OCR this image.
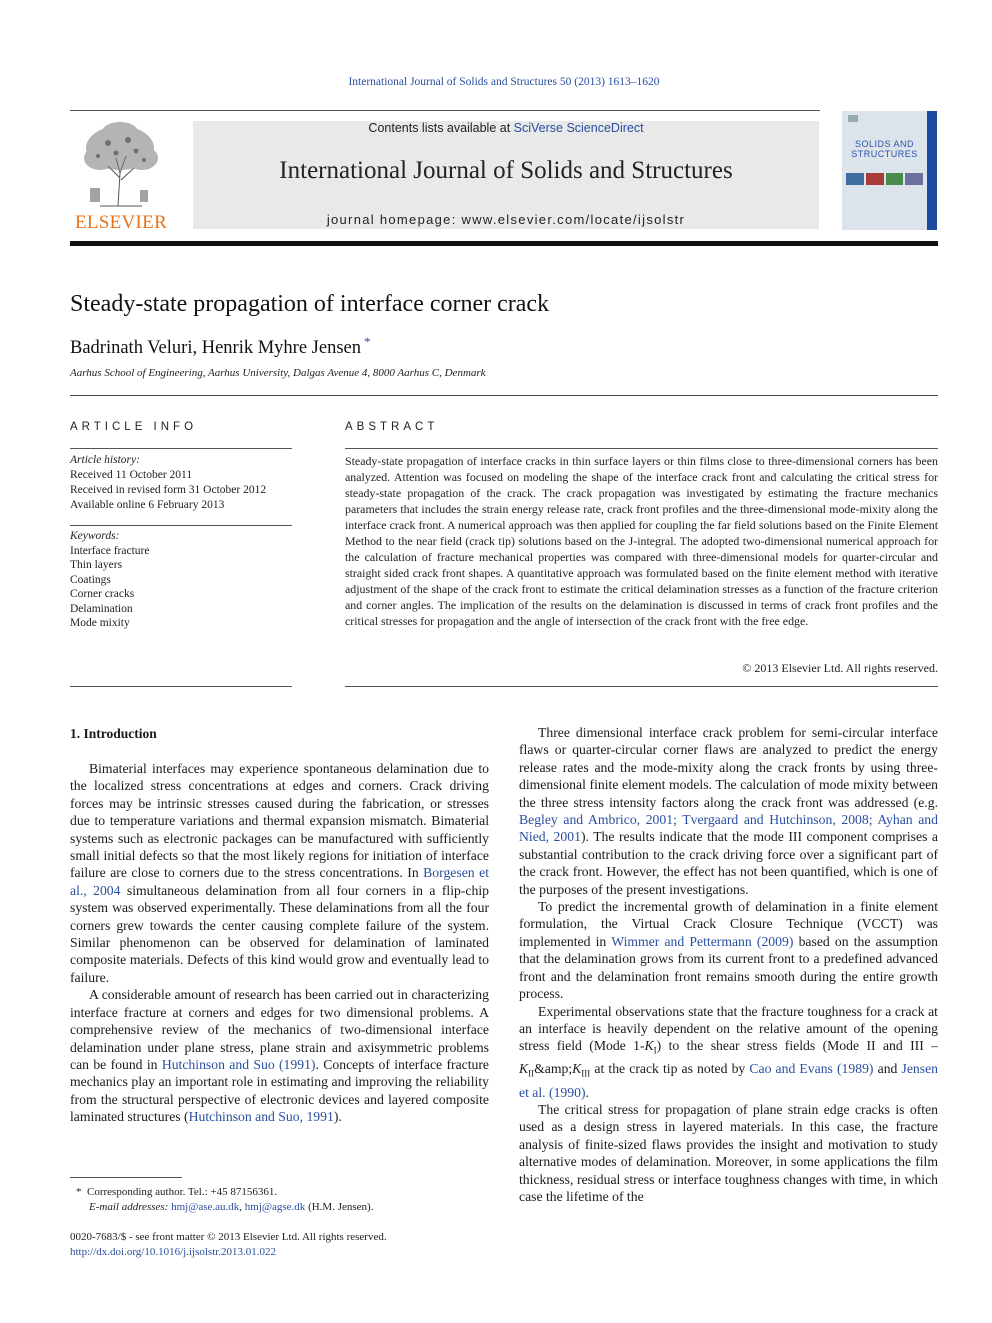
International Journal of Solids and Structures 50 (2013) 1613–1620
ELSEVIER
Contents lists available at SciVerse ScienceDirect
International Journal of Solids and Structures
journal homepage: www.elsevier.com/locate/ijsolstr
SOLIDS AND
STRUCTURES
Steady-state propagation of interface corner crack
Badrinath Veluri, Henrik Myhre Jensen *
Aarhus School of Engineering, Aarhus University, Dalgas Avenue 4, 8000 Aarhus C, Denmark
ARTICLE INFO
Article history:
Received 11 October 2011
Received in revised form 31 October 2012
Available online 6 February 2013
Keywords:
Interface fracture
Thin layers
Coatings
Corner cracks
Delamination
Mode mixity
ABSTRACT
Steady-state propagation of interface cracks in thin surface layers or thin films close to three-dimensional corners has been analyzed. Attention was focused on modeling the shape of the interface crack front and calculating the critical stress for steady-state propagation of the crack. The crack propagation was investigated by estimating the fracture mechanics parameters that includes the strain energy release rate, crack front profiles and the three-dimensional mode-mixity along the interface crack front. A numerical approach was then applied for coupling the far field solutions based on the Finite Element Method to the near field (crack tip) solutions based on the J-integral. The adopted two-dimensional numerical approach for the calculation of fracture mechanical properties was compared with three-dimensional models for quarter-circular and straight sided crack front shapes. A quantitative approach was formulated based on the finite element method with iterative adjustment of the shape of the crack front to estimate the critical delamination stresses as a function of the fracture criterion and corner angles. The implication of the results on the delamination is discussed in terms of crack front profiles and the critical stresses for propagation and the angle of intersection of the crack front with the free edge.
© 2013 Elsevier Ltd. All rights reserved.
1. Introduction

Bimaterial interfaces may experience spontaneous delamination due to the localized stress concentrations at edges and corners. Crack driving forces may be intrinsic stresses caused during the fabrication, or stresses due to temperature variations and thermal expansion mismatch. Bimaterial systems such as electronic packages can be manufactured with sufficiently small initial defects so that the most likely regions for initiation of interface failure are close to corners due to the stress concentrations. In Borgesen et al., 2004 simultaneous delamination from all four corners in a flip-chip system was observed experimentally. These delaminations from all the four corners grew towards the center causing complete failure of the system. Similar phenomenon can be observed for delamination of laminated composite materials. Defects of this kind would grow and eventually lead to failure.

A considerable amount of research has been carried out in characterizing interface fracture at corners and edges for two dimensional problems. A comprehensive review of the mechanics of two-dimensional interface delamination under plane stress, plane strain and axisymmetric problems can be found in Hutchinson and Suo (1991). Concepts of interface fracture mechanics play an important role in estimating and improving the reliability from the structural perspective of electronic devices and layered composite laminated structures (Hutchinson and Suo, 1991).

Three dimensional interface crack problem for semi-circular interface flaws or quarter-circular corner flaws are analyzed to predict the energy release rates and the mode-mixity along the crack fronts by using three-dimensional finite element models. The calculation of mode mixity between the three stress intensity factors along the crack front was addressed (e.g. Begley and Ambrico, 2001; Tvergaard and Hutchinson, 2008; Ayhan and Nied, 2001). The results indicate that the mode III component comprises a substantial contribution to the crack driving force over a significant part of the crack front. However, the effect has not been quantified, which is one of the purposes of the present investigations.

To predict the incremental growth of delamination in a finite element formulation, the Virtual Crack Closure Technique (VCCT) was implemented in Wimmer and Pettermann (2009) based on the assumption that the delamination grows from its current front to a predefined advanced front and the delamination front remains smooth during the entire growth process.

Experimental observations state that the fracture toughness for a crack at an interface is heavily dependent on the relative amount of the opening stress field (Mode $1-K_I$) to the shear stress fields (Mode II and III – $K_{II}\&amp;K_{III}$ at the crack tip as noted by Cao and Evans (1989) and Jensen et al. (1990).

The critical stress for propagation of plane strain edge cracks is often used as a design stress in layered materials. In this case, the fracture analysis of finite-sized flaws provides the insight and motivation to study alternative modes of delamination. Moreover, in some applications the film thickness, residual stress or interface toughness changes with time, in which case the lifetime of the

* Corresponding author. Tel.: +45 87156361.
E-mail addresses: hmj@ase.au.dk, hmj@agse.dk (H.M. Jensen).
0020-7683/$ - see front matter © 2013 Elsevier Ltd. All rights reserved.
http://dx.doi.org/10.1016/j.ijsolstr.2013.01.022
